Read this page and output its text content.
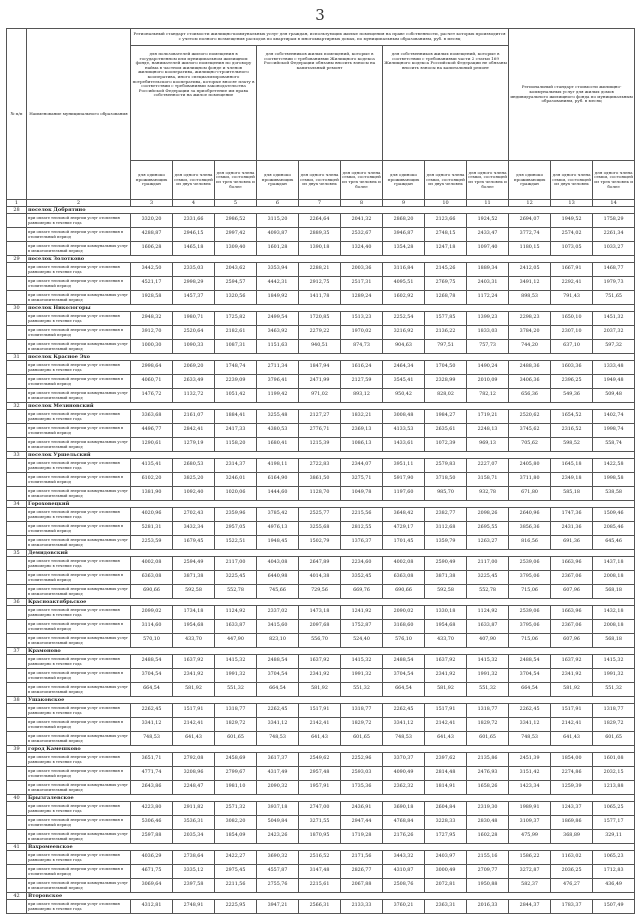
3
№ п/п	Наименование муниципального образования	Региональный стандарт стоимости жилищно-коммунальных услуг для граждан, использующих жилые помещения на праве собственности, расчет которых производится с учетом полного возмещения расходов по квартирам в многоквартирных домах, по муниципальным образованиям, руб. в месяц									Региональный стандарт стоимости жилищно-коммунальных услуг для жилых домов индивидуального жилищного фонда по муниципальным образованиям, руб. в месяц		
		для пользователей жилого помещения в государственном или муниципальном жилищном фонде, нанимателей жилого помещения по договору найма в частном жилищном фонде и членов жилищного кооператива, жилищно-строительного кооператива, иного специализированного потребительского кооператива, которые вносят плату в соответствии с требованиями законодательства Российской Федерации за приобретение им права собственности на жилое помещение			для собственников жилых помещений, которые в соответствии с требованиями Жилищного кодекса Российской Федерации обязаны вносить взносы на капитальный ремонт			для собственников жилых помещений, которые в соответствии с требованиями части 2 статьи 169 Жилищного кодекса Российской Федерации не обязаны вносить взносы на капитальный ремонт					
		для одиноко проживающих граждан	для одного члена семьи, состоящей из двух человек	для одного члена семьи, состоящей из трех человек и более	для одиноко проживающих граждан	для одного члена семьи, состоящей из двух человек	для одного члена семьи, состоящей из трех человек и более	для одиноко проживающих граждан	для одного члена семьи, состоящей из двух человек	для одного члена семьи, состоящей из трех человек и более	для одиноко проживающих граждан	для одного члена семьи, состоящей из двух человек	для одного члена семьи, состоящей из трех человек и более
1	2	3	4	5	6	7	8	9	10	11	12	13	14
28	поселок Добрятино												
	при оплате тепловой энергии услуг отопления равномерно в течение года	3320,20	2331,66	2986,52	3115,20	2264,64	2041,32	2868,20	2123,66	1924,52	2694,07	1949,52	1758,29
	при оплате тепловой энергии услуг отопления в отопительный период	4288,87	2946,15	2997,42	4093,87	2889,35	2532,67	3946,87	2748,15	2433,47	3772,74	2574,02	2261,34
	при оплате тепловой энергии коммунальных услуг в межотопительный период	1606,28	1465,18	1309,40	1601,28	1390,18	1324,40	1354,28	1247,18	1097,40	1180,15	1073,05	1033,27
29	поселок Золотково												
	при оплате тепловой энергии услуг отопления равномерно в течение года	3442,50	2335,03	2043,62	3353,94	2288,21	2003,36	3116,84	2145,26	1889,34	2412,05	1667,91	1468,77
	при оплате тепловой энергии услуг отопления в отопительный период	4521,17	2998,29	2594,57	4442,31	2912,75	2517,31	4095,51	2769,75	2403,31	3491,12	2292,41	1979,73
	при оплате тепловой энергии коммунальных услуг в межотопительный период	1928,58	1457,37	1320,56	1849,92	1411,78	1289,24	1602,92	1268,78	1172,24	898,53	791,43	751,65
30	поселок Никологоры												
	при оплате тепловой энергии услуг отопления равномерно в течение года	2948,32	1980,71	1725,82	2499,54	1720,85	1513,23	2252,54	1577,85	1399,23	2298,23	1650,10	1451,32
	при оплате тепловой энергии услуг отопления в отопительный период	3912,70	2520,64	2182,61	3463,92	2279,22	1970,02	3216,92	2136,22	1833,03	3784,20	2307,10	2037,32
	при оплате тепловой энергии коммунальных услуг в межотопительный период	1000,30	1090,33	1087,31	1151,63	940,51	874,73	904,63	797,51	757,73	744,20	637,10	597,32
31	поселок Красное Эхо												
	при оплате тепловой энергии услуг отопления равномерно в течение года	2998,64	2069,20	1748,74	2711,34	1847,94	1616,24	2464,34	1704,50	1490,24	2488,36	1603,36	1333,48
	при оплате тепловой энергии услуг отопления в отопительный период	4060,71	2633,49	2239,09	3796,41	2471,99	2127,59	3545,41	2328,99	2010,09	3406,36	2396,25	1949,48
	при оплате тепловой энергии коммунальных услуг в межотопительный период	1476,72	1132,72	1051,42	1199,42	971,02	893,12	950,42	828,02	782,12	656,36	549,36	509,48
32	поселок Мезиновский												
	при оплате тепловой энергии услуг отопления равномерно в течение года	3363,68	2161,07	1884,41	3255,48	2127,27	1832,21	3008,48	1984,27	1719,21	2520,62	1654,52	1402,74
	при оплате тепловой энергии услуг отопления в отопительный период	4496,77	2842,41	2417,33	4380,53	2776,71	2369,13	4133,53	2635,61	2248,13	3745,62	2316,52	1998,74
	при оплате тепловой энергии коммунальных услуг в межотопительный период	1290,61	1279,19	1158,20	1680,41	1215,39	1086,13	1433,61	1072,39	969,13	705,62	598,52	558,74
33	поселок Уршельский												
	при оплате тепловой энергии услуг отопления равномерно в течение года	4135,41	2680,53	2314,37	4198,11	2722,83	2344,07	3951,11	2579,83	2227,07	2405,80	1645,18	1422,58
	при оплате тепловой энергии услуг отопления в отопительный период	6102,20	3825,20	3246,01	6164,90	3861,50	3275,71	5917,90	3718,50	3158,71	3711,80	2349,18	1998,58
	при оплате тепловой энергии коммунальных услуг в межотопительный период	1381,90	1092,40	1020,06	1444,60	1128,70	1049,78	1197,60	985,70	932,78	671,80	585,18	538,58
34	Гороховецкий												
	при оплате тепловой энергии услуг отопления равномерно в течение года	4020,96	2702,43	2359,96	3785,42	2525,77	2215,56	3648,42	2382,77	2098,26	2640,96	1747,36	1509,46
	при оплате тепловой энергии услуг отопления в отопительный период	5281,31	3432,34	2957,05	4976,13	3255,68	2812,55	4729,17	3112,68	2695,55	3856,36	2431,36	2085,46
	при оплате тепловой энергии коммунальных услуг в межотопительный период	2253,59	1679,45	1522,51	1948,45	1502,79	1376,37	1701,45	1359,79	1263,27	816,56	691,36	645,46
35	Демидовский												
	при оплате тепловой энергии услуг отопления равномерно в течение года	4002,08	2594,49	2117,00	4043,08	2647,89	2234,60	4002,08	2590,49	2117,00	2539,06	1663,96	1437,18
	при оплате тепловой энергии услуг отопления в отопительный период	6363,08	3871,38	3225,45	6440,98	4014,38	3352,45	6363,08	3871,38	3225,45	3795,06	2367,06	2008,18
	при оплате тепловой энергии коммунальных услуг в межотопительный период	690,66	592,58	552,78	745,66	729,56	669,76	690,66	592,58	552,78	715,06	607,96	568,18
36	Красноактябрьское												
	при оплате тепловой энергии услуг отопления равномерно в течение года	2099,02	1734,18	1124,92	2337,02	1473,18	1241,92	2090,02	1330,18	1124,92	2539,06	1663,96	1432,18
	при оплате тепловой энергии услуг отопления в отопительный период	3114,60	1954,68	1633,87	3415,60	2097,68	1752,87	3168,60	1954,68	1633,87	3795,06	2367,06	2008,18
	при оплате тепловой энергии коммунальных услуг в межотопительный период	570,10	433,70	447,90	823,10	556,70	524,40	576,10	433,70	407,90	715,06	607,96	568,18
37	Крамоново												
	при оплате тепловой энергии услуг отопления равномерно в течение года	2488,54	1637,92	1415,32	2488,54	1637,92	1415,32	2488,54	1637,92	1415,32	2488,54	1637,92	1415,32
	при оплате тепловой энергии услуг отопления в отопительный период	3704,54	2341,92	1991,32	3704,54	2341,92	1991,32	3704,54	2341,92	1991,32	3704,54	2341,92	1991,32
	при оплате тепловой энергии коммунальных услуг в межотопительный период	664,54	581,92	551,32	664,54	581,92	551,32	664,54	581,92	551,32	664,54	581,92	551,32
38	Ушаковское												
	при оплате тепловой энергии услуг отопления равномерно в течение года	2262,45	1517,91	1318,77	2262,45	1517,91	1318,77	2262,45	1517,91	1318,77	2262,45	1517,91	1318,77
	при оплате тепловой энергии услуг отопления в отопительный период	3341,12	2142,41	1829,72	3341,12	2142,41	1829,72	3341,12	2142,41	1829,72	3341,12	2142,41	1829,72
	при оплате тепловой энергии коммунальных услуг в межотопительный период	748,53	641,43	601,65	748,53	641,43	601,65	748,53	641,43	601,65	748,53	641,43	601,65
39	город Камешково												
	при оплате тепловой энергии услуг отопления равномерно в течение года	3651,71	2792,08	2458,69	3617,37	2549,62	2252,96	3370,37	2397,62	2135,86	2451,39	1854,00	1601,08
	при оплате тепловой энергии услуг отопления в отопительный период	4771,74	3208,96	2799,67	4317,49	2957,48	2593,03	4090,49	2814,48	2476,93	3151,42	2274,86	2032,15
	при оплате тепловой энергии коммунальных услуг в межотопительный период	2643,86	2248,47	1981,10	2090,32	1957,91	1735,36	2362,32	1814,91	1658,26	1423,34	1259,39	1213,88
40	Брызгалевское												
	при оплате тепловой энергии услуг отопления равномерно в течение года	4223,80	2911,82	2571,32	3937,18	2747,00	2436,91	3690,18	2604,84	2319,30	1989,91	1243,37	1065,25
	при оплате тепловой энергии услуг отопления в отопительный период	5306,46	3536,31	3082,20	5049,84	3271,55	2947,44	4768,84	3228,33	2830,48	3109,37	1869,86	1577,17
	при оплате тепловой энергии коммунальных услуг в межотопительный период	2597,88	2035,34	1854,09	2423,26	1870,95	1719,28	2176,26	1727,95	1602,28	475,99	368,89	329,11
41	Вахромеевское												
	при оплате тепловой энергии услуг отопления равномерно в течение года	4036,29	2738,64	2422,27	3690,32	2516,52	2171,56	3443,32	2403,97	2155,16	1586,22	1163,02	1065,23
	при оплате тепловой энергии услуг отопления в отопительный период	4671,75	3335,12	2975,45	4557,87	3147,48	2826,77	4310,87	3000,49	2709,77	3272,87	2036,25	1712,83
	при оплате тепловой энергии коммунальных услуг в межотопительный период	3069,64	2397,58	2211,56	2755,76	2215,61	2067,88	2508,76	2072,81	1950,88	582,37	476,27	436,49
42	Второвское												
	при оплате тепловой энергии услуг отопления равномерно в течение года	4312,81	2748,91	2225,95	3947,21	2566,31	2133,33	3760,21	2363,31	2016,33	2844,37	1783,37	1507,49
